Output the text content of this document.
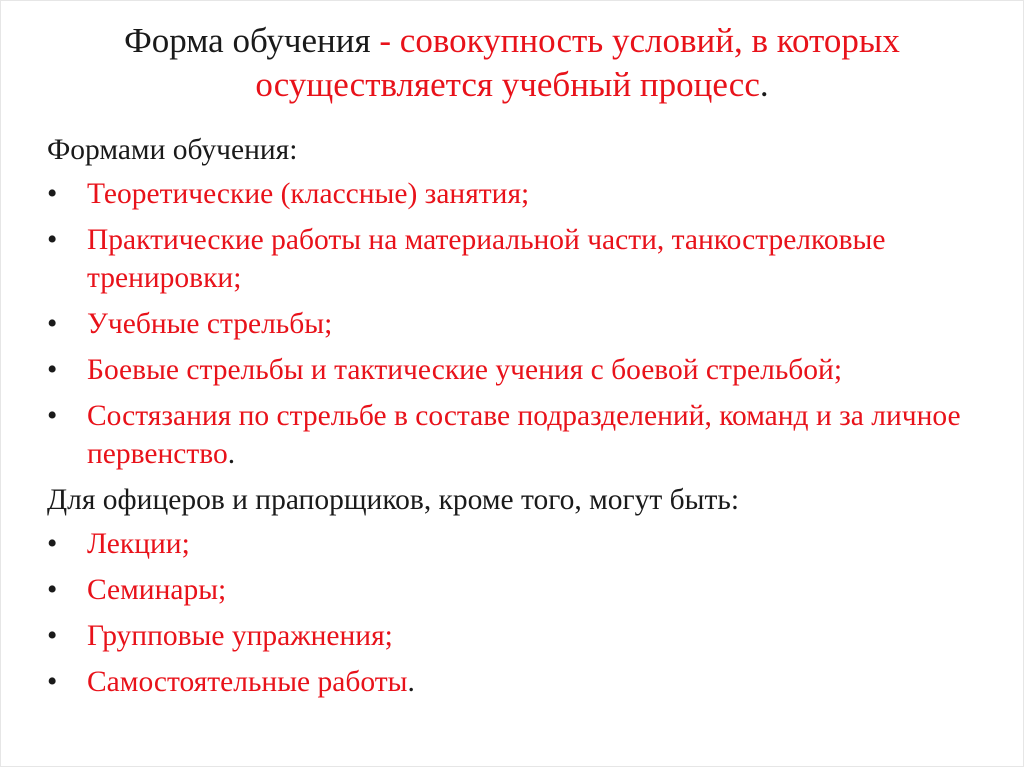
Форма обучения - совокупность условий, в которых осуществляется учебный процесс.
Формами обучения:
• Теоретические (классные) занятия;
• Практические работы на материальной части, танкострелковые тренировки;
• Учебные стрельбы;
• Боевые стрельбы и тактические учения с боевой стрельбой;
• Состязания по стрельбе в составе подразделений, команд и за личное первенство.
Для офицеров и прапорщиков, кроме того, могут быть:
• Лекции;
• Семинары;
• Групповые упражнения;
• Самостоятельные работы.
